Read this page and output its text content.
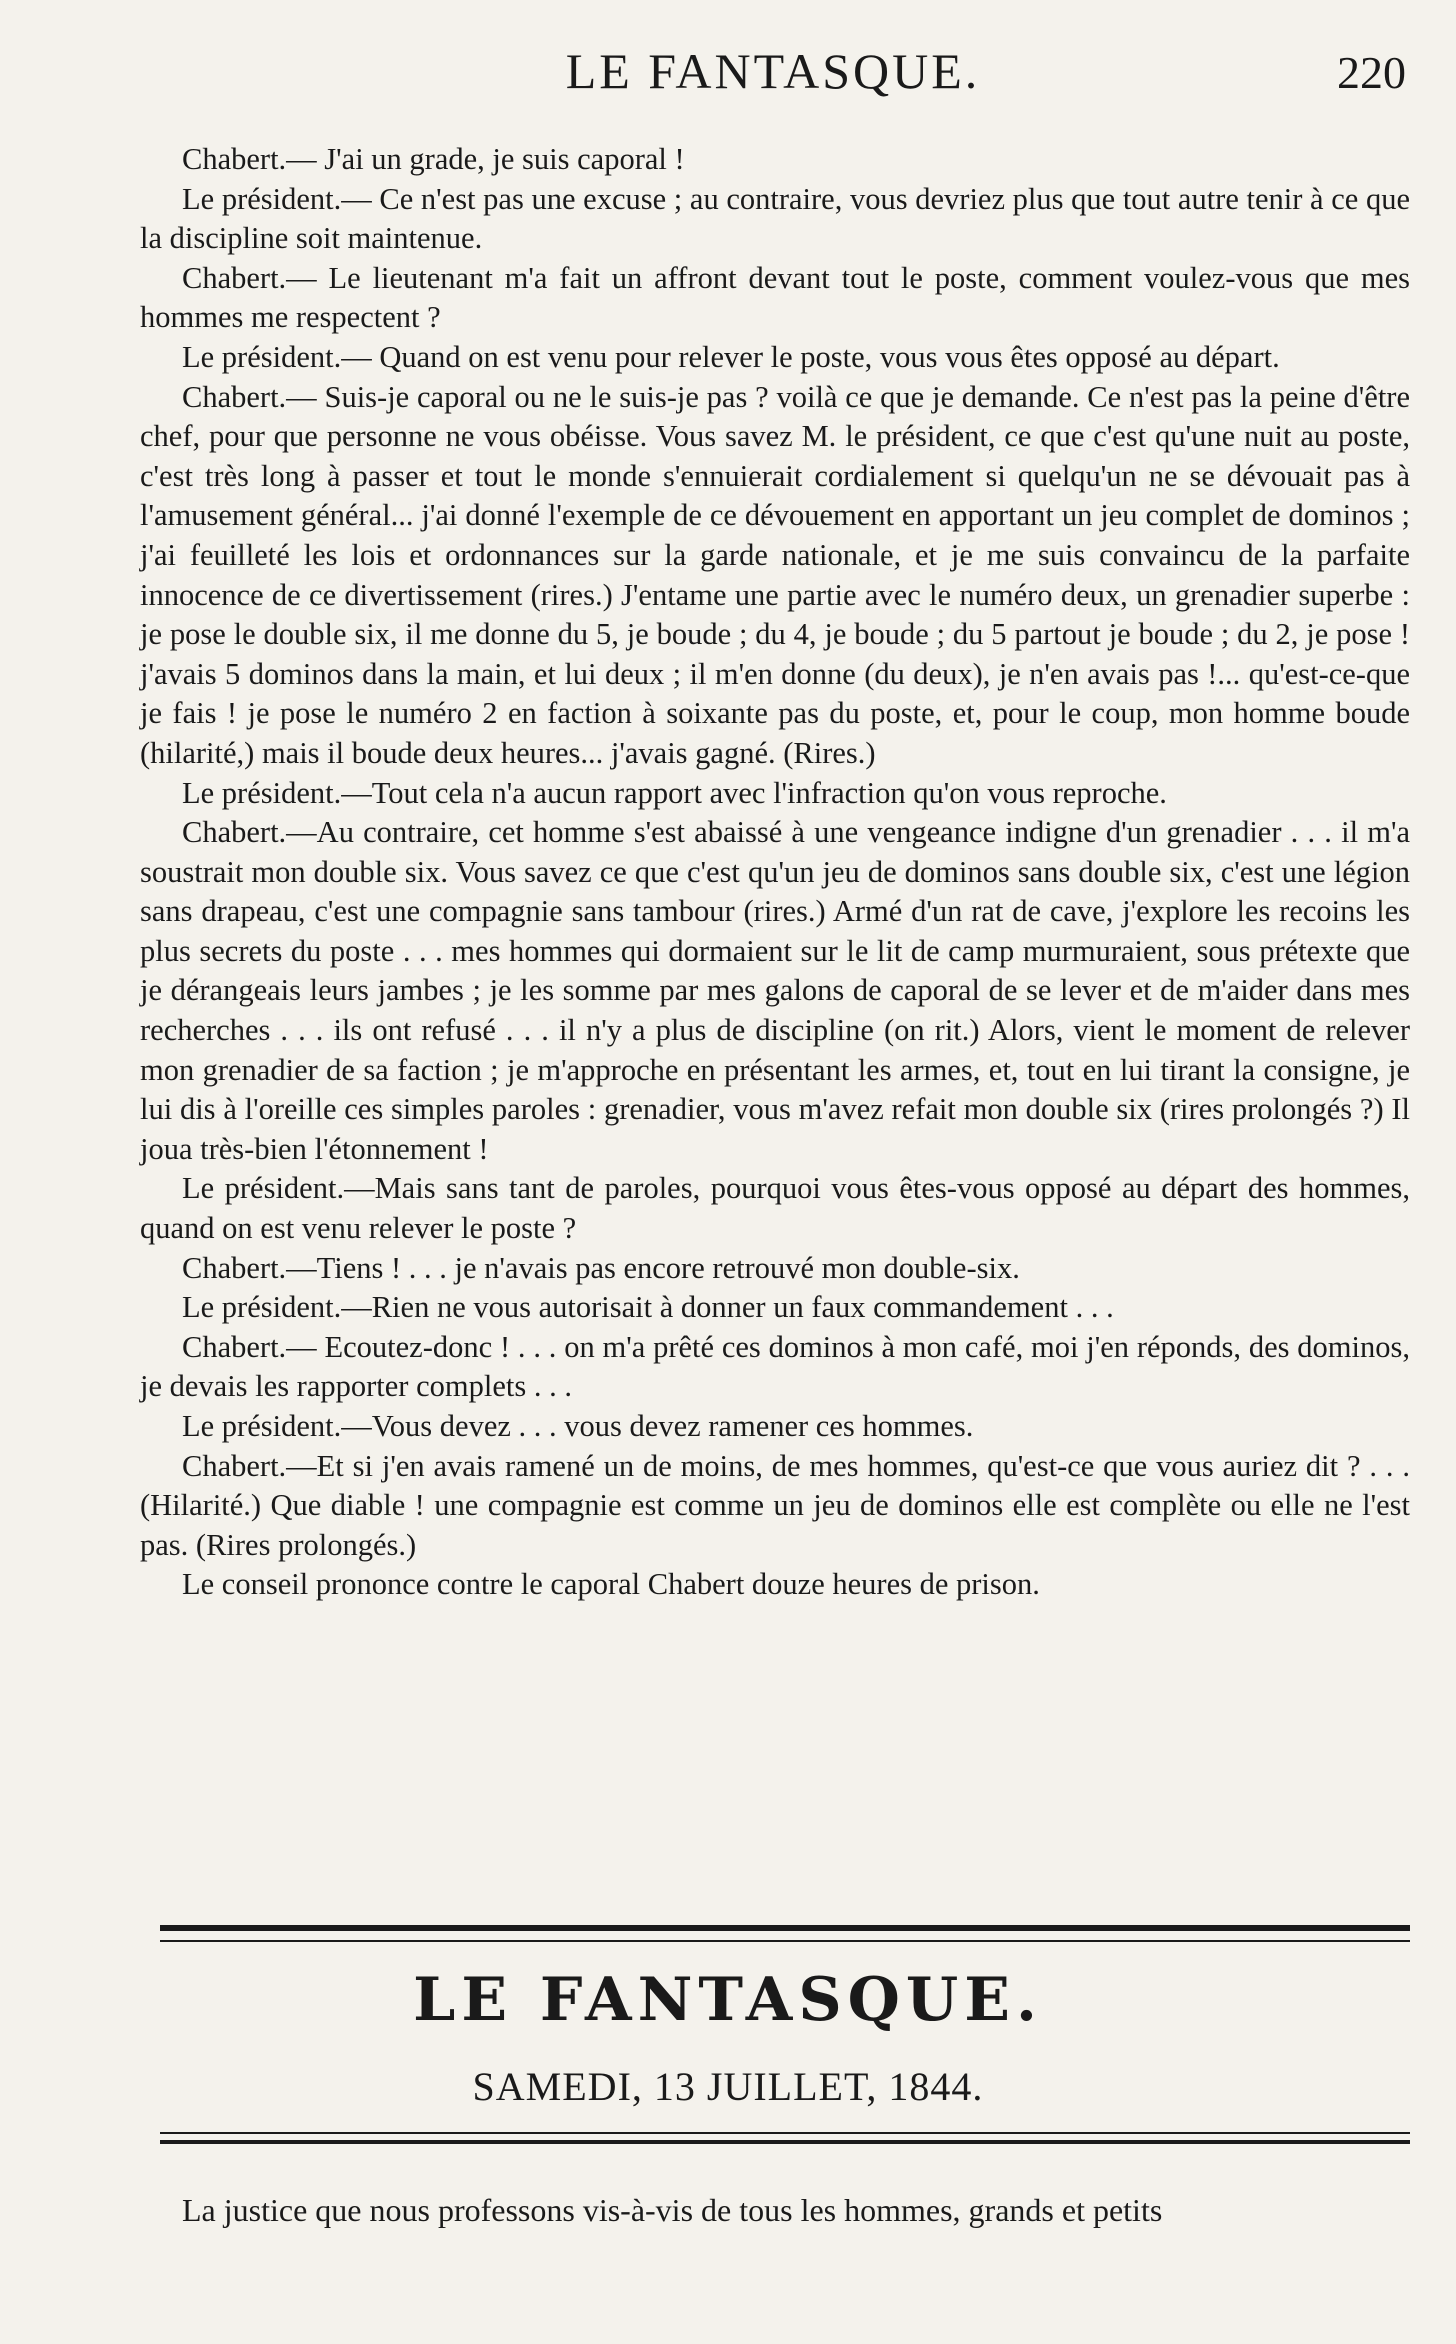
LE FANTASQUE.	220

Chabert.— J'ai un grade, je suis caporal !

Le président.— Ce n'est pas une excuse ; au contraire, vous devriez plus que tout autre tenir à ce que la discipline soit maintenue.

Chabert.— Le lieutenant m'a fait un affront devant tout le poste, comment voulez-vous que mes hommes me respectent ?

Le président.— Quand on est venu pour relever le poste, vous vous êtes opposé au départ.

Chabert.— Suis-je caporal ou ne le suis-je pas ? voilà ce que je demande. Ce n'est pas la peine d'être chef, pour que personne ne vous obéisse. Vous savez M. le président, ce que c'est qu'une nuit au poste, c'est très long à passer et tout le monde s'ennuierait cordialement si quelqu'un ne se dévouait pas à l'amusement général... j'ai donné l'exemple de ce dévouement en apportant un jeu complet de dominos ; j'ai feuilleté les lois et ordonnances sur la garde nationale, et je me suis convaincu de la parfaite innocence de ce divertissement (rires.) J'entame une partie avec le numéro deux, un grenadier superbe : je pose le double six, il me donne du 5, je boude ; du 4, je boude ; du 5 partout je boude ; du 2, je pose ! j'avais 5 dominos dans la main, et lui deux ; il m'en donne (du deux), je n'en avais pas !... qu'est-ce-que je fais ! je pose le numéro 2 en faction à soixante pas du poste, et, pour le coup, mon homme boude (hilarité,) mais il boude deux heures... j'avais gagné. (Rires.)

Le président.—Tout cela n'a aucun rapport avec l'infraction qu'on vous reproche.

Chabert.—Au contraire, cet homme s'est abaissé à une vengeance indigne d'un grenadier . . . il m'a soustrait mon double six. Vous savez ce que c'est qu'un jeu de dominos sans double six, c'est une légion sans drapeau, c'est une compagnie sans tambour (rires.) Armé d'un rat de cave, j'explore les recoins les plus secrets du poste . . . mes hommes qui dormaient sur le lit de camp murmuraient, sous prétexte que je dérangeais leurs jambes ; je les somme par mes galons de caporal de se lever et de m'aider dans mes recherches . . . ils ont refusé . . . il n'y a plus de discipline (on rit.) Alors, vient le moment de relever mon grenadier de sa faction ; je m'approche en présentant les armes, et, tout en lui tirant la consigne, je lui dis à l'oreille ces simples paroles : grenadier, vous m'avez refait mon double six (rires prolongés ?) Il joua très-bien l'étonnement !

Le président.—Mais sans tant de paroles, pourquoi vous êtes-vous opposé au départ des hommes, quand on est venu relever le poste ?

Chabert.—Tiens ! . . . je n'avais pas encore retrouvé mon double-six.

Le président.—Rien ne vous autorisait à donner un faux commandement . . .

Chabert.— Ecoutez-donc ! . . . on m'a prêté ces dominos à mon café, moi j'en réponds, des dominos, je devais les rapporter complets . . .

Le président.—Vous devez . . . vous devez ramener ces hommes.

Chabert.—Et si j'en avais ramené un de moins, de mes hommes, qu'est-ce que vous auriez dit ? . . . (Hilarité.) Que diable ! une compagnie est comme un jeu de dominos elle est complète ou elle ne l'est pas. (Rires prolongés.)

Le conseil prononce contre le caporal Chabert douze heures de prison.

LE FANTASQUE.
SAMEDI, 13 JUILLET, 1844.
La justice que nous professons vis-à-vis de tous les hommes, grands et petits
